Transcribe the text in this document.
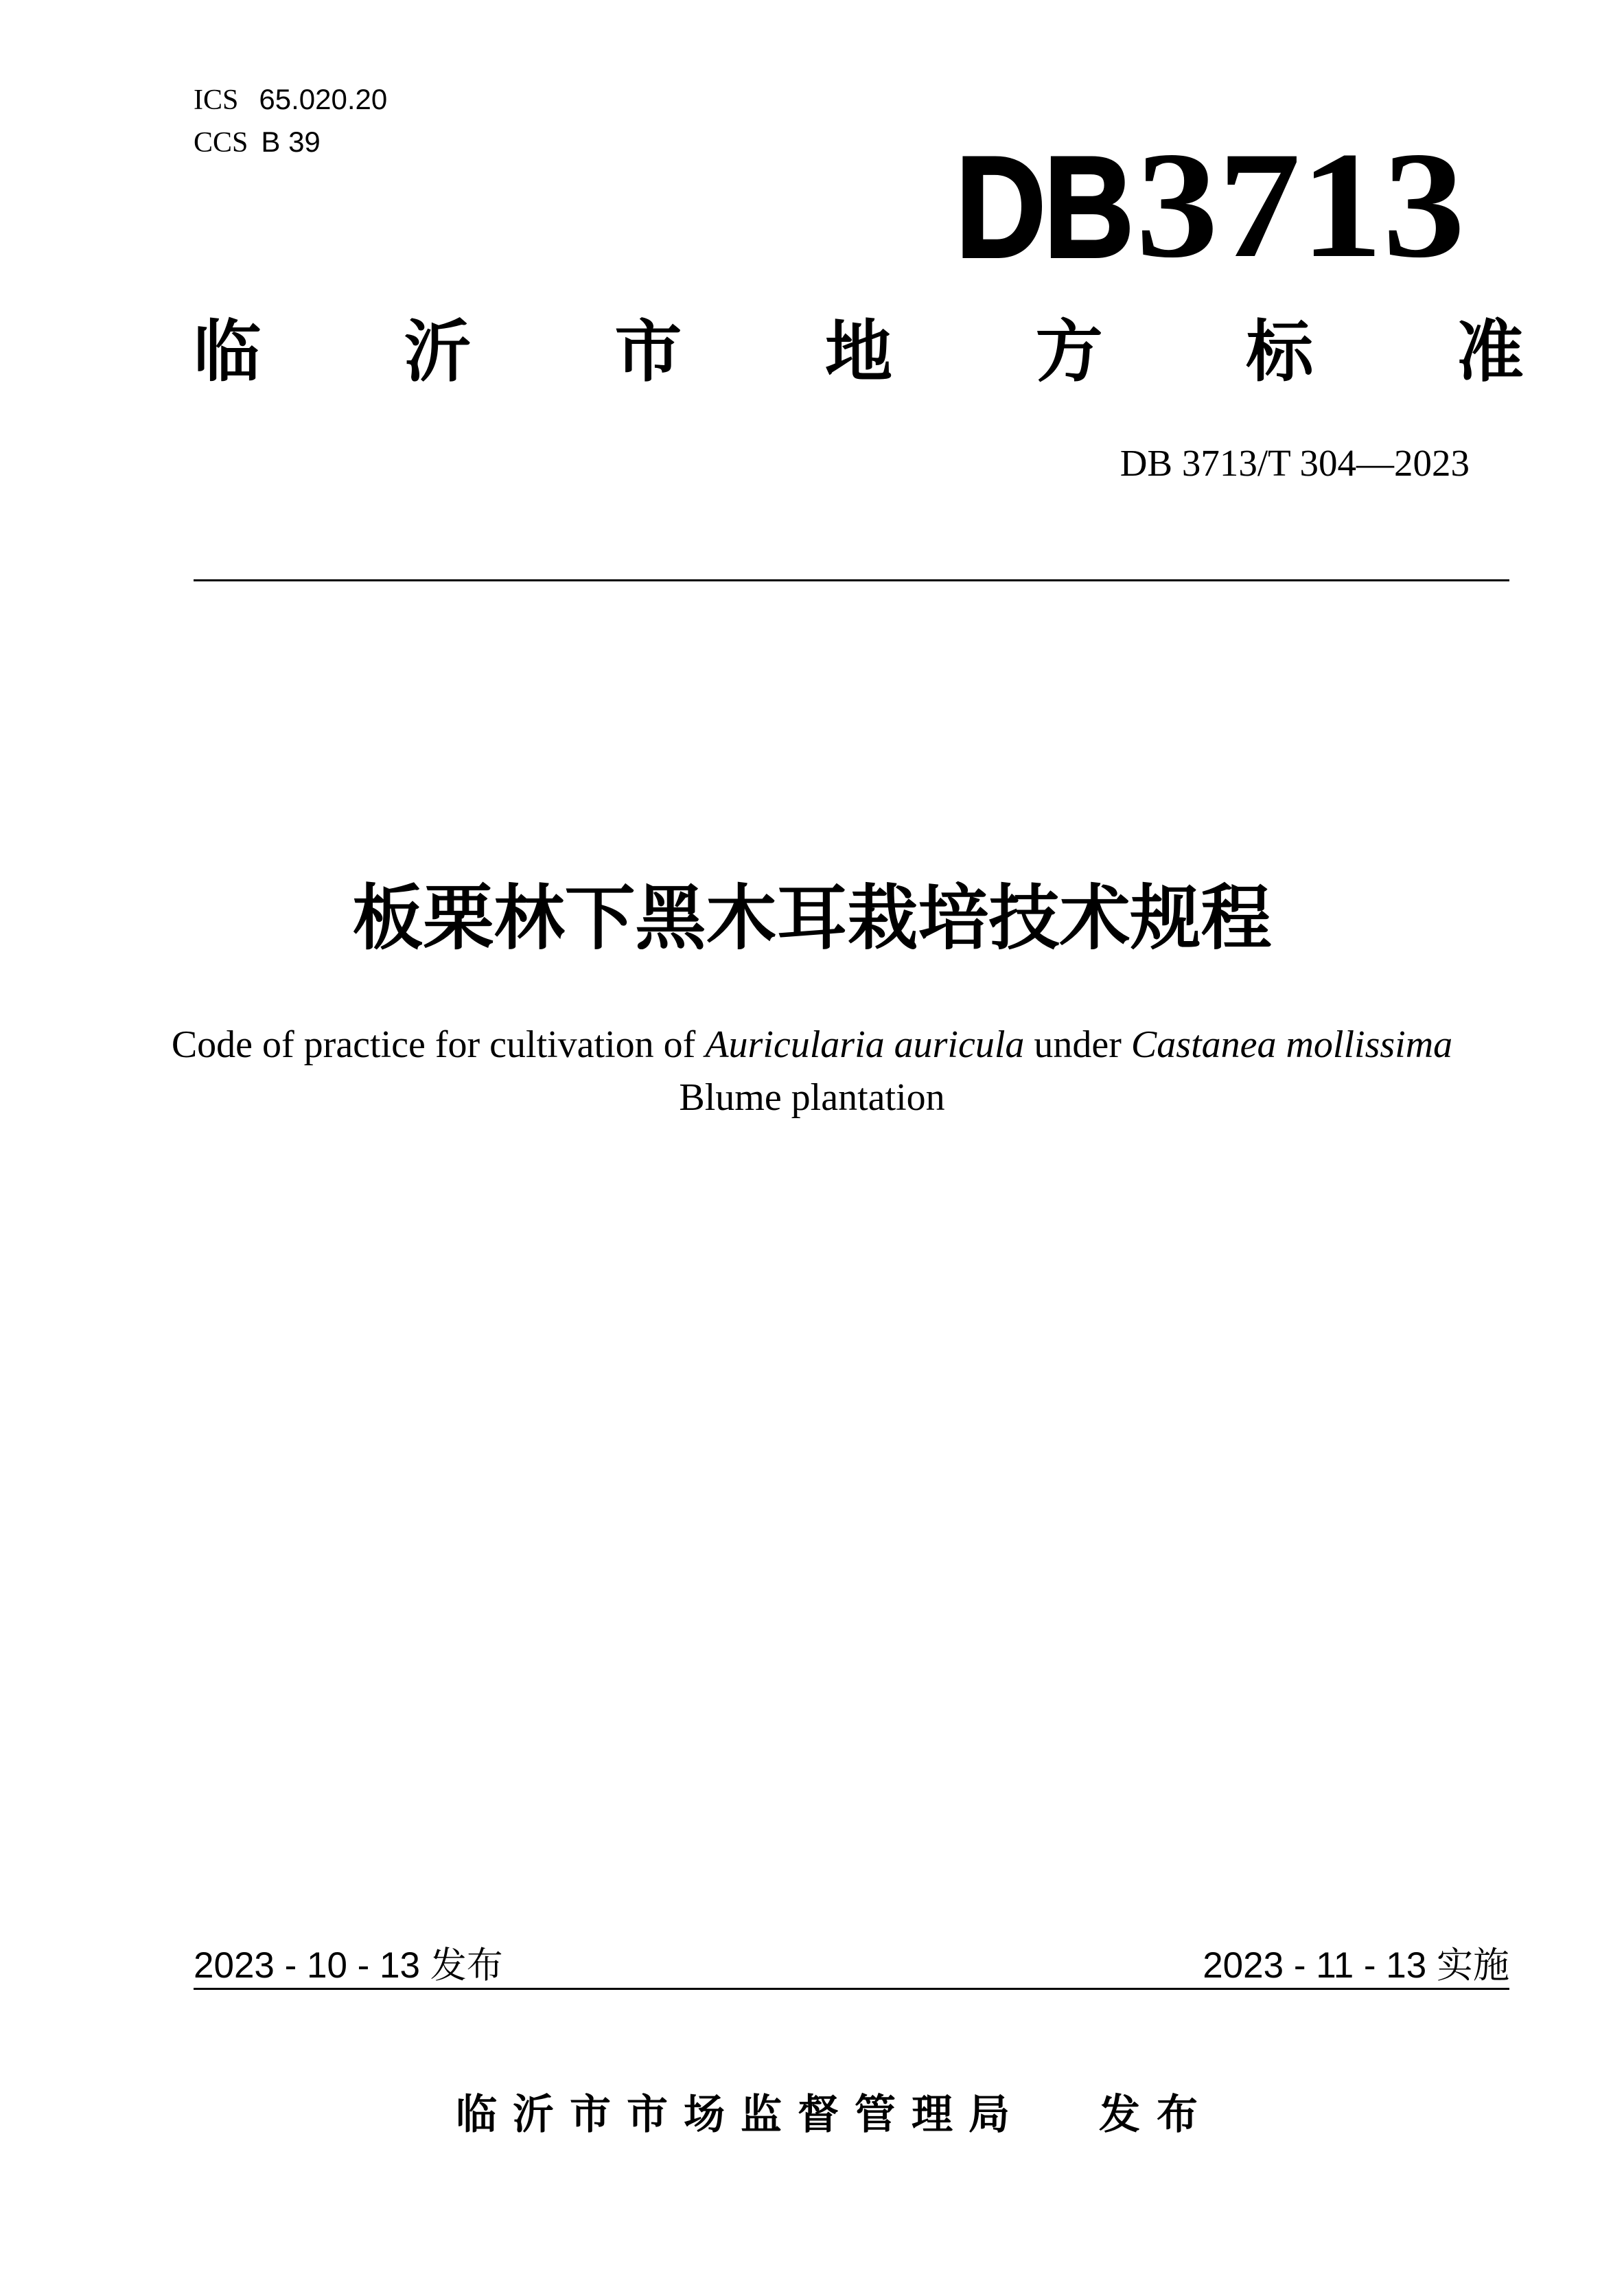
ICS 65.020.20
CCS B 39	DB 3713
临 沂 市 地 方 标 准
DB 3713/T 304—2023
板栗林下黑木耳栽培技术规程
Code of practice for cultivation of Auricularia auricula under Castanea mollissima
Blume plantation
2023 - 10 - 13 发布	2023 - 11 - 13 实施
临沂市市场监督管理局 发布
